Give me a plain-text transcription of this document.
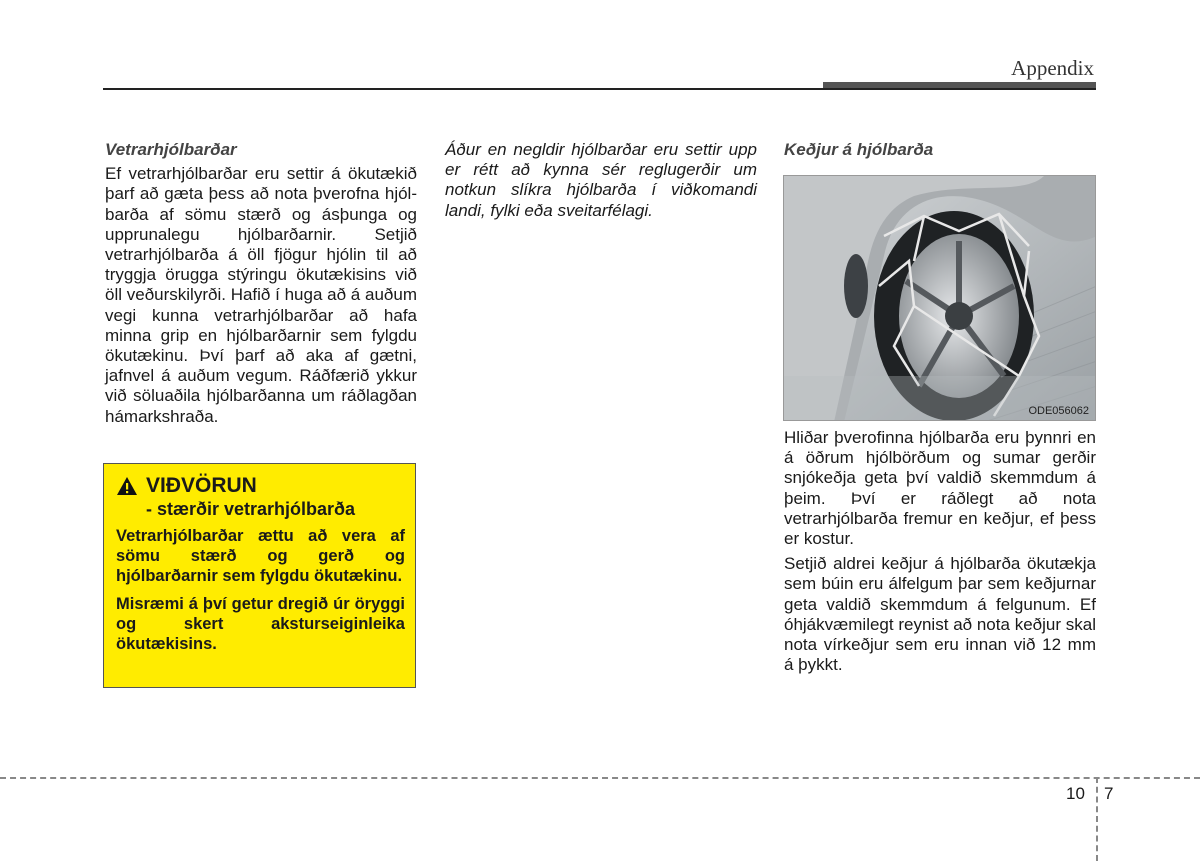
Appendix
Vetrarhjólbarðar

Ef vetrarhjólbarðar eru settir á ökutækið þarf að gæta þess að nota þverofna hjól- barða af sömu stærð og ásþunga og upprunalegu hjólbarðarnir. Setjið vetrarhjólbarða á öll fjögur hjólin til að tryggja örugga stýringu ökutækisins við öll veðurskilyrði. Hafið í huga að á auðum vegi kunna vetrarhjólbarðar að hafa minna grip en hjólbarðarnir sem fylgdu ökutækinu. Því þarf að aka af gætni, jafnvel á auðum vegum. Ráðfærið ykkur við söluaðila hjólbarðanna um ráðlagðan hámarkshraða.

VIÐVÖRUN
- stærðir vetrarhjólbarða
Vetrarhjólbarðar ættu að vera af sömu stærð og gerð og hjólbarðarnir sem fylgdu ökutækinu.
Misræmi á því getur dregið úr öryggi og skert aksturseiginleika ökutækisins.

Áður en negldir hjólbarðar eru settir upp er rétt að kynna sér reglugerðir um notkun slíkra hjólbarða í viðkomandi landi, fylki eða sveitarfélagi.

Keðjur á hjólbarða
ODE056062

Hliðar þverofinna hjólbarða eru þynnri en á öðrum hjólbörðum og sumar gerðir snjókeðja geta því valdið skemmdum á þeim. Því er ráðlegt að nota vetrarhjólbarða fremur en keðjur, ef þess er kostur.

Setjið aldrei keðjur á hjólbarða ökutækja sem búin eru álfelgum þar sem keðjurnar geta valdið skemmdum á felgunum. Ef óhjákvæmilegt reynist að nota keðjur skal nota vírkeðjur sem eru innan við 12 mm á þykkt.

10 7
